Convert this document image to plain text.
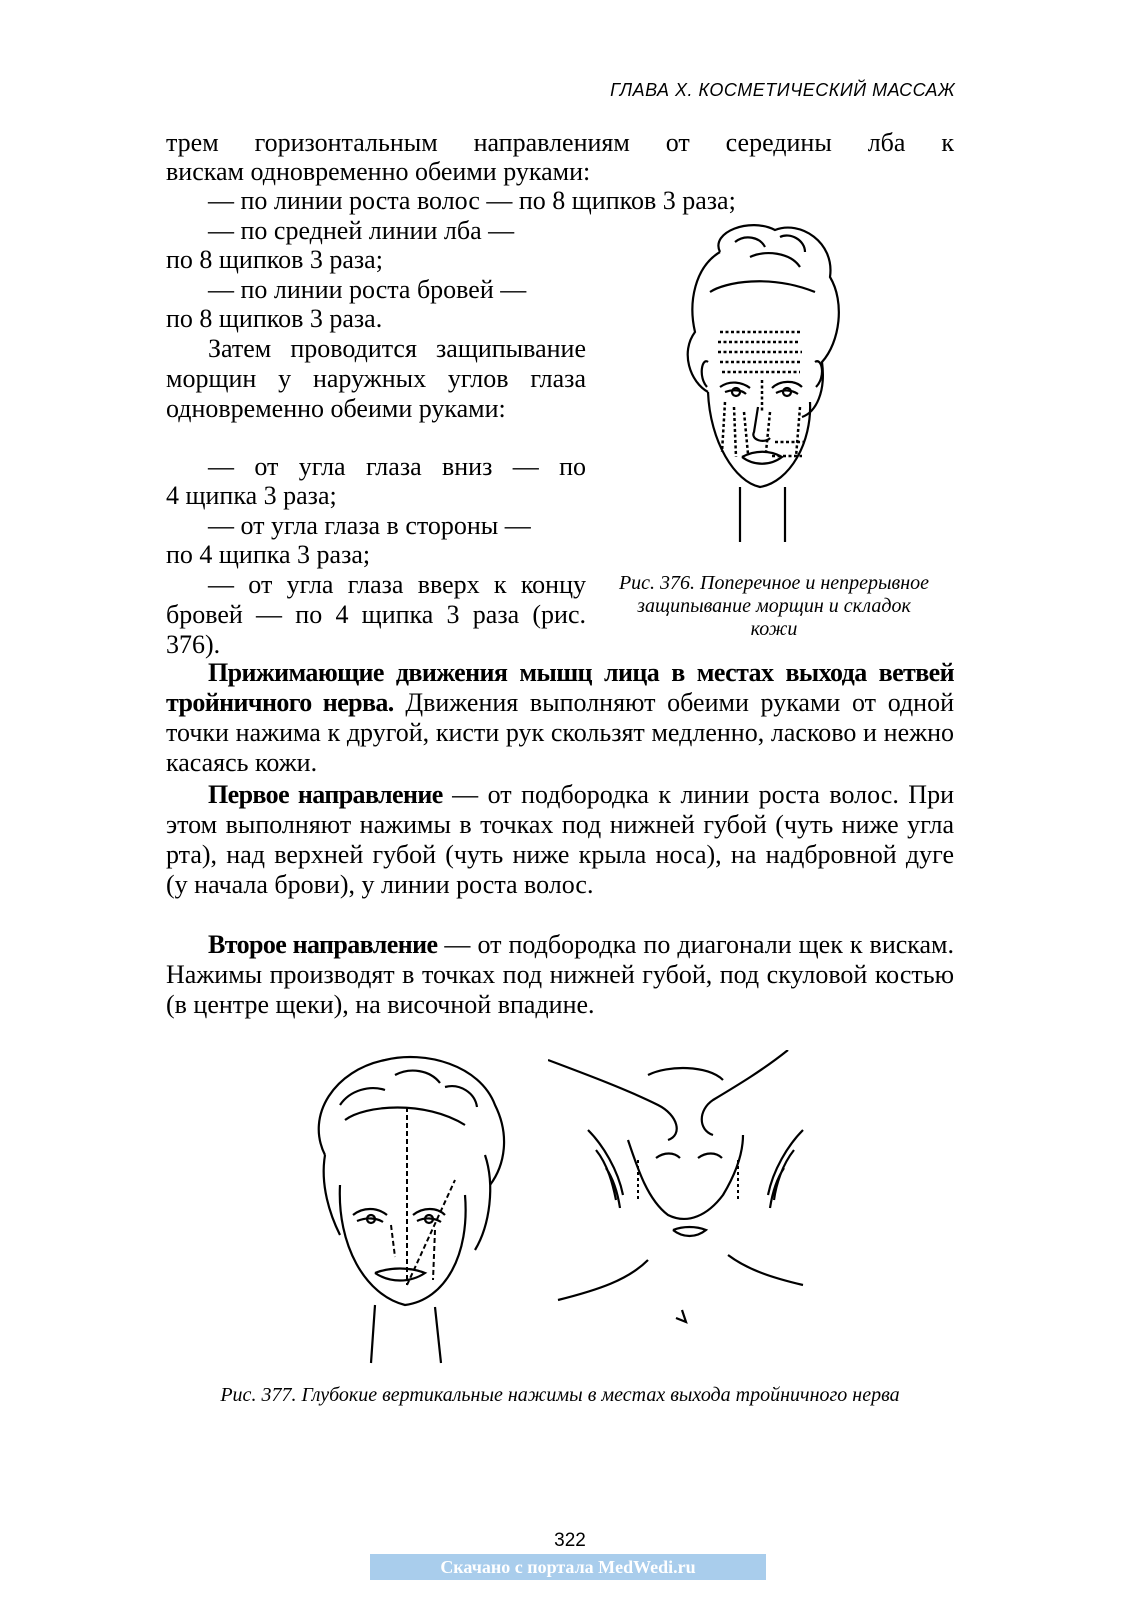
ГЛАВА X. КОСМЕТИЧЕСКИЙ МАССАЖ
трем горизонтальным направлениям от середины лба к
вискам одновременно обеими руками:
— по линии роста волос — по 8 щипков 3 раза;
— по средней линии лба —
по 8 щипков 3 раза;
— по линии роста бровей —
по 8 щипков 3 раза.
Затем проводится защипывание морщин у наружных углов глаза одновременно обеими руками:
— от угла глаза вниз — по
4 щипка 3 раза;
— от угла глаза в стороны —
по 4 щипка 3 раза;
— от угла глаза вверх к концу бровей — по 4 щипка 3 раза (рис. 376).
Рис. 376. Поперечное и непрерывное защипывание морщин и складок кожи
Прижимающие движения мышц лица в местах выхода ветвей тройничного нерва. Движения выполняют обеими руками от одной точки нажима к другой, кисти рук скользят медленно, ласково и нежно касаясь кожи.
Первое направление — от подбородка к линии роста волос. При этом выполняют нажимы в точках под нижней губой (чуть ниже угла рта), над верхней губой (чуть ниже крыла носа), на надбровной дуге (у начала брови), у линии роста волос.
Второе направление — от подбородка по диагонали щек к вискам. Нажимы производят в точках под нижней губой, под скуловой костью (в центре щеки), на височной впадине.
Рис. 377. Глубокие вертикальные нажимы в местах выхода тройничного нерва
322
Скачано с портала MedWedi.ru
